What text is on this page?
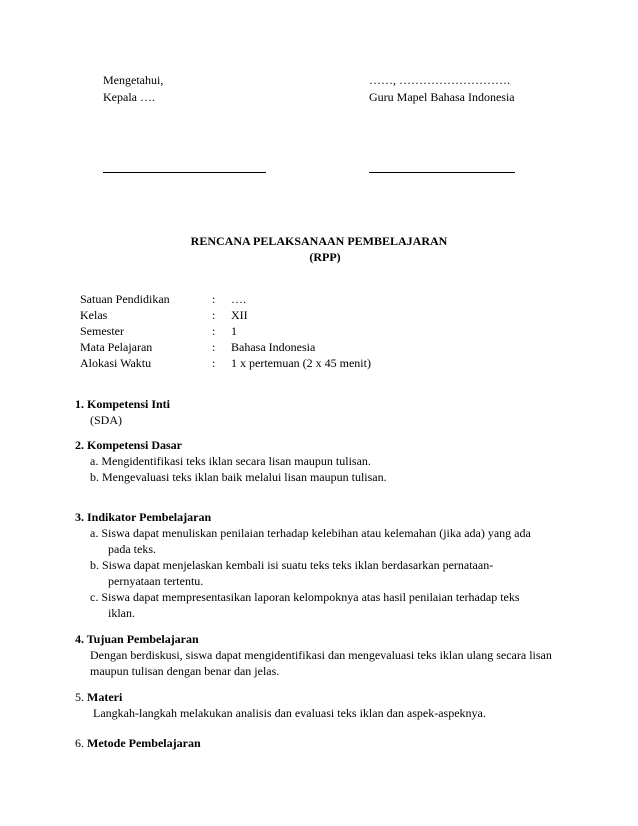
Mengetahui,
Kepala ….
……, ……………………….
Guru Mapel Bahasa Indonesia
RENCANA PELAKSANAAN PEMBELAJARAN
(RPP)
Satuan Pendidikan	: ….
Kelas	: XII
Semester	: 1
Mata Pelajaran	: Bahasa Indonesia
Alokasi Waktu	: 1 x pertemuan (2 x 45 menit)
1. Kompetensi Inti
(SDA)
2. Kompetensi Dasar
a. Mengidentifikasi teks iklan secara lisan maupun tulisan.
b. Mengevaluasi teks iklan baik melalui lisan maupun tulisan.
3. Indikator Pembelajaran
a. Siswa dapat menuliskan penilaian terhadap kelebihan atau kelemahan (jika ada) yang ada
pada teks.
b. Siswa dapat menjelaskan kembali isi suatu teks teks iklan berdasarkan pernataan-
pernyataan tertentu.
c. Siswa dapat mempresentasikan laporan kelompoknya atas hasil penilaian terhadap teks
iklan.
4. Tujuan Pembelajaran
Dengan berdiskusi, siswa dapat mengidentifikasi dan mengevaluasi teks iklan ulang secara lisan
maupun tulisan dengan benar dan jelas.
5. Materi
Langkah-langkah melakukan analisis dan evaluasi teks iklan dan aspek-aspeknya.
6. Metode Pembelajaran
